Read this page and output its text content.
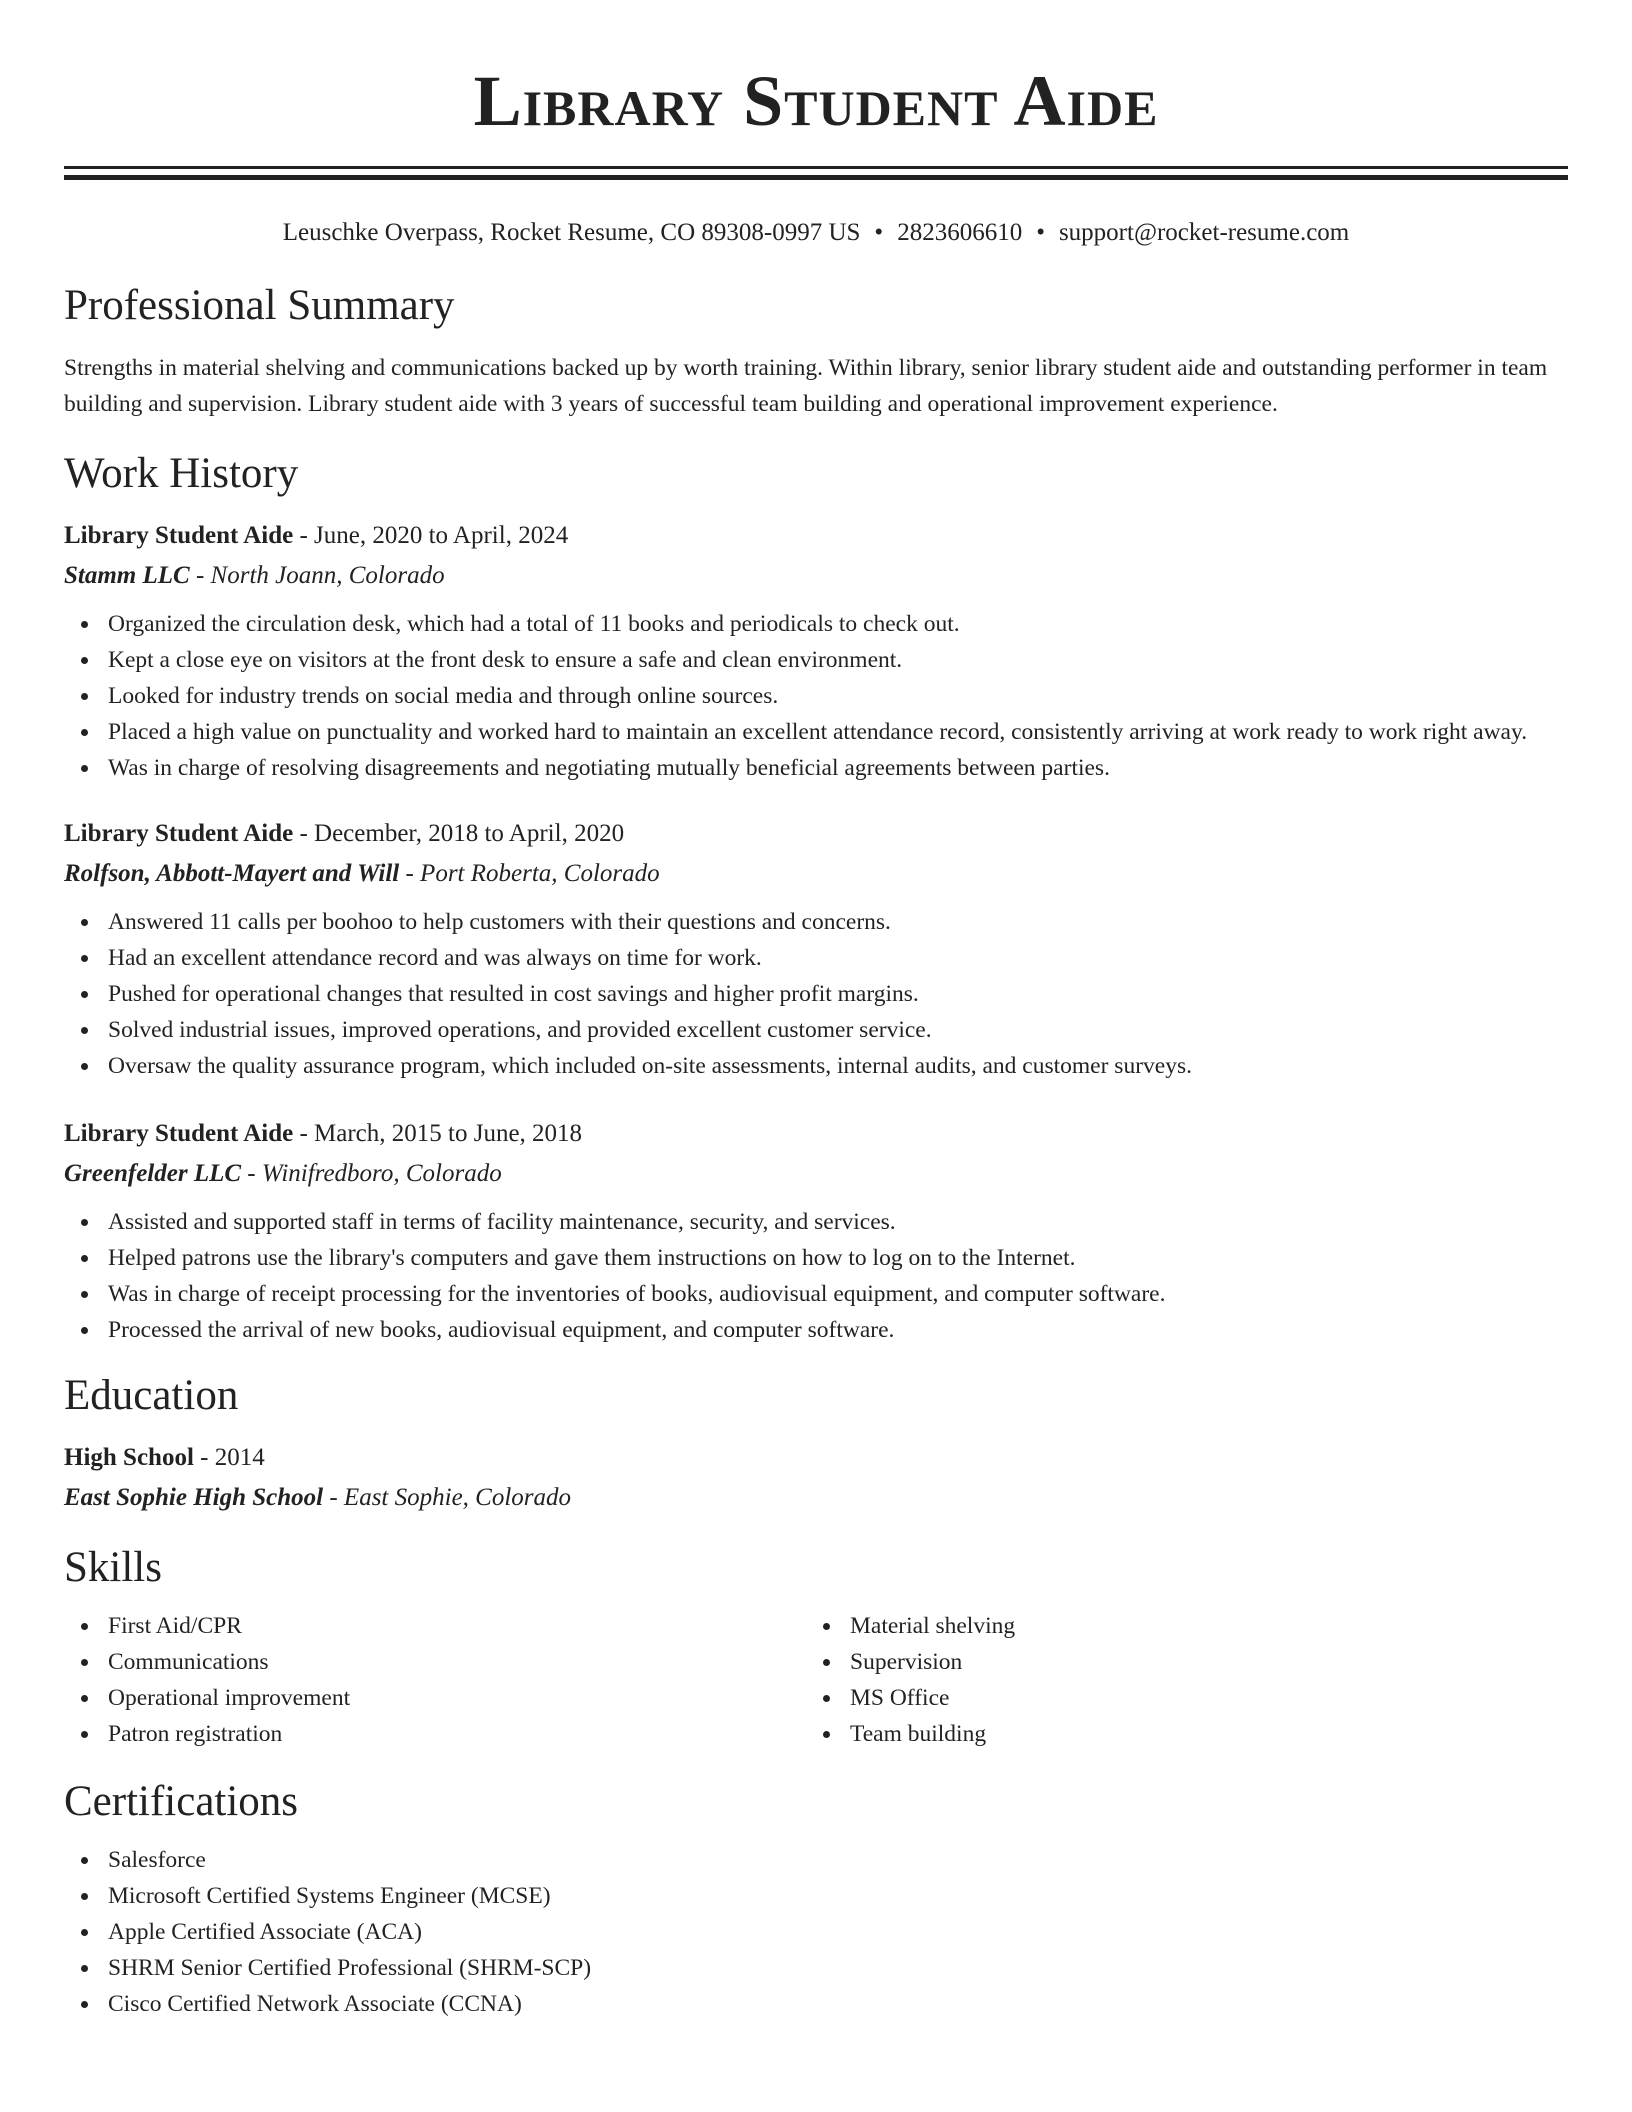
Library Student Aide
Leuschke Overpass, Rocket Resume, CO 89308-0997 US • 2823606610 • support@rocket-resume.com
Professional Summary

Strengths in material shelving and communications backed up by worth training. Within library, senior library student aide and outstanding performer in team building and supervision. Library student aide with 3 years of successful team building and operational improvement experience.

Work History
Library Student Aide - June, 2020 to April, 2024
Stamm LLC - North Joann, Colorado
Organized the circulation desk, which had a total of 11 books and periodicals to check out.
Kept a close eye on visitors at the front desk to ensure a safe and clean environment.
Looked for industry trends on social media and through online sources.
Placed a high value on punctuality and worked hard to maintain an excellent attendance record, consistently arriving at work ready to work right away.
Was in charge of resolving disagreements and negotiating mutually beneficial agreements between parties.
Library Student Aide - December, 2018 to April, 2020
Rolfson, Abbott-Mayert and Will - Port Roberta, Colorado
Answered 11 calls per boohoo to help customers with their questions and concerns.
Had an excellent attendance record and was always on time for work.
Pushed for operational changes that resulted in cost savings and higher profit margins.
Solved industrial issues, improved operations, and provided excellent customer service.
Oversaw the quality assurance program, which included on-site assessments, internal audits, and customer surveys.
Library Student Aide - March, 2015 to June, 2018
Greenfelder LLC - Winifredboro, Colorado
Assisted and supported staff in terms of facility maintenance, security, and services.
Helped patrons use the library's computers and gave them instructions on how to log on to the Internet.
Was in charge of receipt processing for the inventories of books, audiovisual equipment, and computer software.
Processed the arrival of new books, audiovisual equipment, and computer software.
Education
High School - 2014
East Sophie High School - East Sophie, Colorado
Skills
First Aid/CPR
Communications
Operational improvement
Patron registration
Material shelving
Supervision
MS Office
Team building
Certifications
Salesforce
Microsoft Certified Systems Engineer (MCSE)
Apple Certified Associate (ACA)
SHRM Senior Certified Professional (SHRM-SCP)
Cisco Certified Network Associate (CCNA)
